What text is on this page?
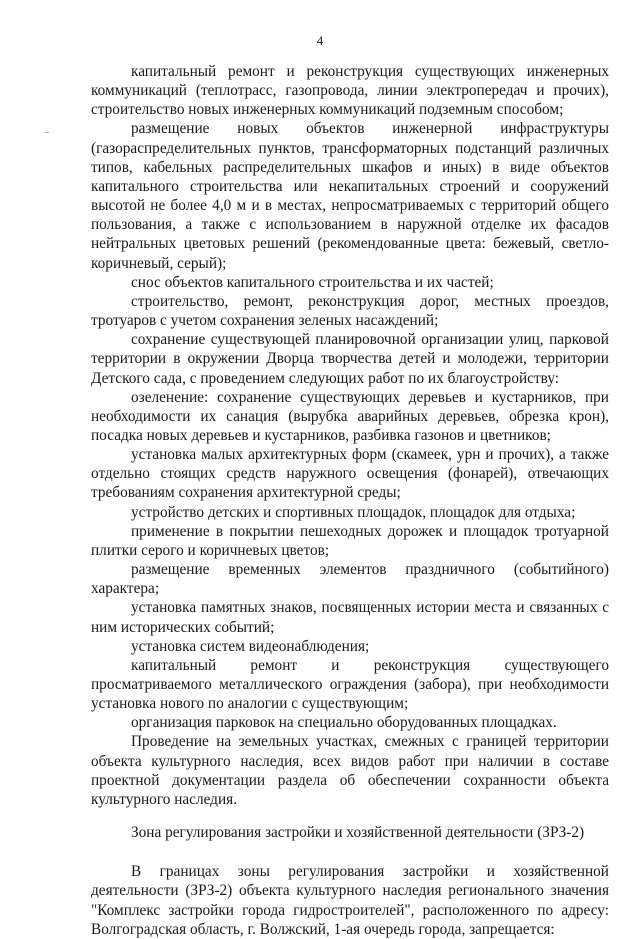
4

капитальный ремонт и реконструкция существующих инженерных коммуникаций (теплотрасс, газопровода, линии электропередач и прочих), строительство новых инженерных коммуникаций подземным способом;

размещение новых объектов инженерной инфраструктуры (газораспределительных пунктов, трансформаторных подстанций различных типов, кабельных распределительных шкафов и иных) в виде объектов капитального строительства или некапитальных строений и сооружений высотой не более 4,0 м и в местах, непросматриваемых с территорий общего пользования, а также с использованием в наружной отделке их фасадов нейтральных цветовых решений (рекомендованные цвета: бежевый, светло-коричневый, серый);

снос объектов капитального строительства и их частей;

строительство, ремонт, реконструкция дорог, местных проездов, тротуаров с учетом сохранения зеленых насаждений;

сохранение существующей планировочной организации улиц, парковой территории в окружении Дворца творчества детей и молодежи, территории Детского сада, с проведением следующих работ по их благоустройству:

озеленение: сохранение существующих деревьев и кустарников, при необходимости их санация (вырубка аварийных деревьев, обрезка крон), посадка новых деревьев и кустарников, разбивка газонов и цветников;

установка малых архитектурных форм (скамеек, урн и прочих), а также отдельно стоящих средств наружного освещения (фонарей), отвечающих требованиям сохранения архитектурной среды;

устройство детских и спортивных площадок, площадок для отдыха;

применение в покрытии пешеходных дорожек и площадок тротуарной плитки серого и коричневых цветов;

размещение временных элементов праздничного (событийного) характера;

установка памятных знаков, посвященных истории места и связанных с ним исторических событий;

установка систем видеонаблюдения;

капитальный ремонт и реконструкция существующего просматриваемого металлического ограждения (забора), при необходимости установка нового по аналогии с существующим;

организация парковок на специально оборудованных площадках.

Проведение на земельных участках, смежных с границей территории объекта культурного наследия, всех видов работ при наличии в составе проектной документации раздела об обеспечении сохранности объекта культурного наследия.

Зона регулирования застройки и хозяйственной деятельности (ЗРЗ-2)

В границах зоны регулирования застройки и хозяйственной деятельности (ЗРЗ-2) объекта культурного наследия регионального значения "Комплекс застройки города гидростроителей", расположенного по адресу: Волгоградская область, г. Волжский, 1-ая очередь города, запрещается:
